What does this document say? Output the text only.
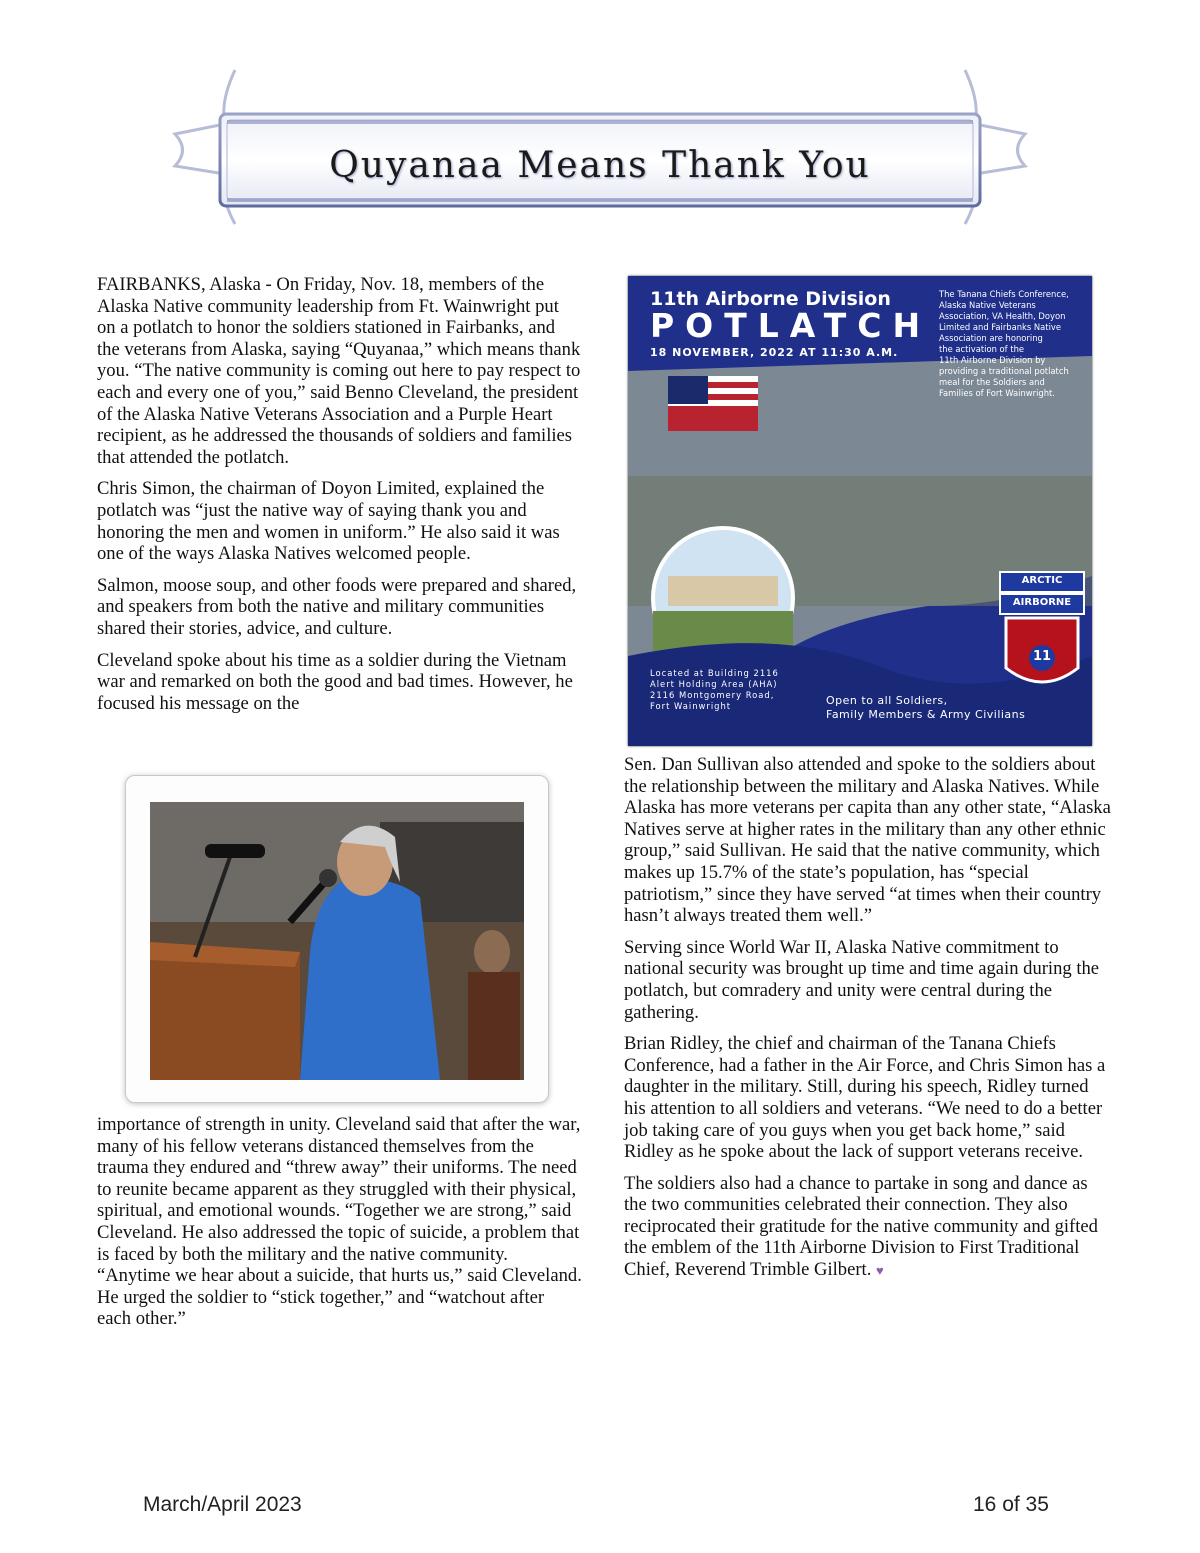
Quyanaa Means Thank You

FAIRBANKS, Alaska - On Friday, Nov. 18, members of the Alaska Native community leadership from Ft. Wainwright put on a potlatch to honor the soldiers stationed in Fairbanks, and the veterans from Alaska, saying “Quyanaa,” which means thank you. “The native community is coming out here to pay respect to each and every one of you,” said Benno Cleveland, the president of the Alaska Native Veterans Association and a Purple Heart recipient, as he addressed the thousands of soldiers and families that attended the potlatch.

Chris Simon, the chairman of Doyon Limited, explained the potlatch was “just the native way of saying thank you and honoring the men and women in uniform.” He also said it was one of the ways Alaska Natives welcomed people.

Salmon, moose soup, and other foods were prepared and shared, and speakers from both the native and military communities shared their stories, advice, and culture.

Cleveland spoke about his time as a soldier during the Vietnam war and remarked on both the good and bad times. However, he focused his message on the

importance of strength in unity. Cleveland said that after the war, many of his fellow veterans distanced themselves from the trauma they endured and “threw away” their uniforms. The need to reunite became apparent as they struggled with their physical, spiritual, and emotional wounds. “Together we are strong,” said Cleveland. He also addressed the topic of suicide, a problem that is faced by both the military and the native community. “Anytime we hear about a suicide, that hurts us,” said Cleveland. He urged the soldier to “stick together,” and “watchout after each other.”

11th Airborne Division
POTLATCH
18 NOVEMBER, 2022 AT 11:30 A.M.
The Tanana Chiefs Conference,
Alaska Native Veterans
Association, VA Health, Doyon
Limited and Fairbanks Native
Association are honoring
the activation of the
11th Airborne Division by
providing a traditional potlatch
meal for the Soldiers and
Families of Fort Wainwright.
Located at Building 2116
Alert Holding Area (AHA)
2116 Montgomery Road,
Fort Wainwright	Open to all Soldiers,
Family Members & Army Civilians
ARCTIC
AIRBORNE
11

Sen. Dan Sullivan also attended and spoke to the soldiers about the relationship between the military and Alaska Natives. While Alaska has more veterans per capita than any other state, “Alaska Natives serve at higher rates in the military than any other ethnic group,” said Sullivan. He said that the native community, which makes up 15.7% of the state’s population, has “special patriotism,” since they have served “at times when their country hasn’t always treated them well.”

Serving since World War II, Alaska Native commitment to national security was brought up time and time again during the potlatch, but comradery and unity were central during the gathering.

Brian Ridley, the chief and chairman of the Tanana Chiefs Conference, had a father in the Air Force, and Chris Simon has a daughter in the military. Still, during his speech, Ridley turned his attention to all soldiers and veterans. “We need to do a better job taking care of you guys when you get back home,” said Ridley as he spoke about the lack of support veterans receive.

The soldiers also had a chance to partake in song and dance as the two communities celebrated their connection. They also reciprocated their gratitude for the native community and gifted the emblem of the 11th Airborne Division to First Traditional Chief, Reverend Trimble Gilbert. ♥

March/April 2023	16 of 35
